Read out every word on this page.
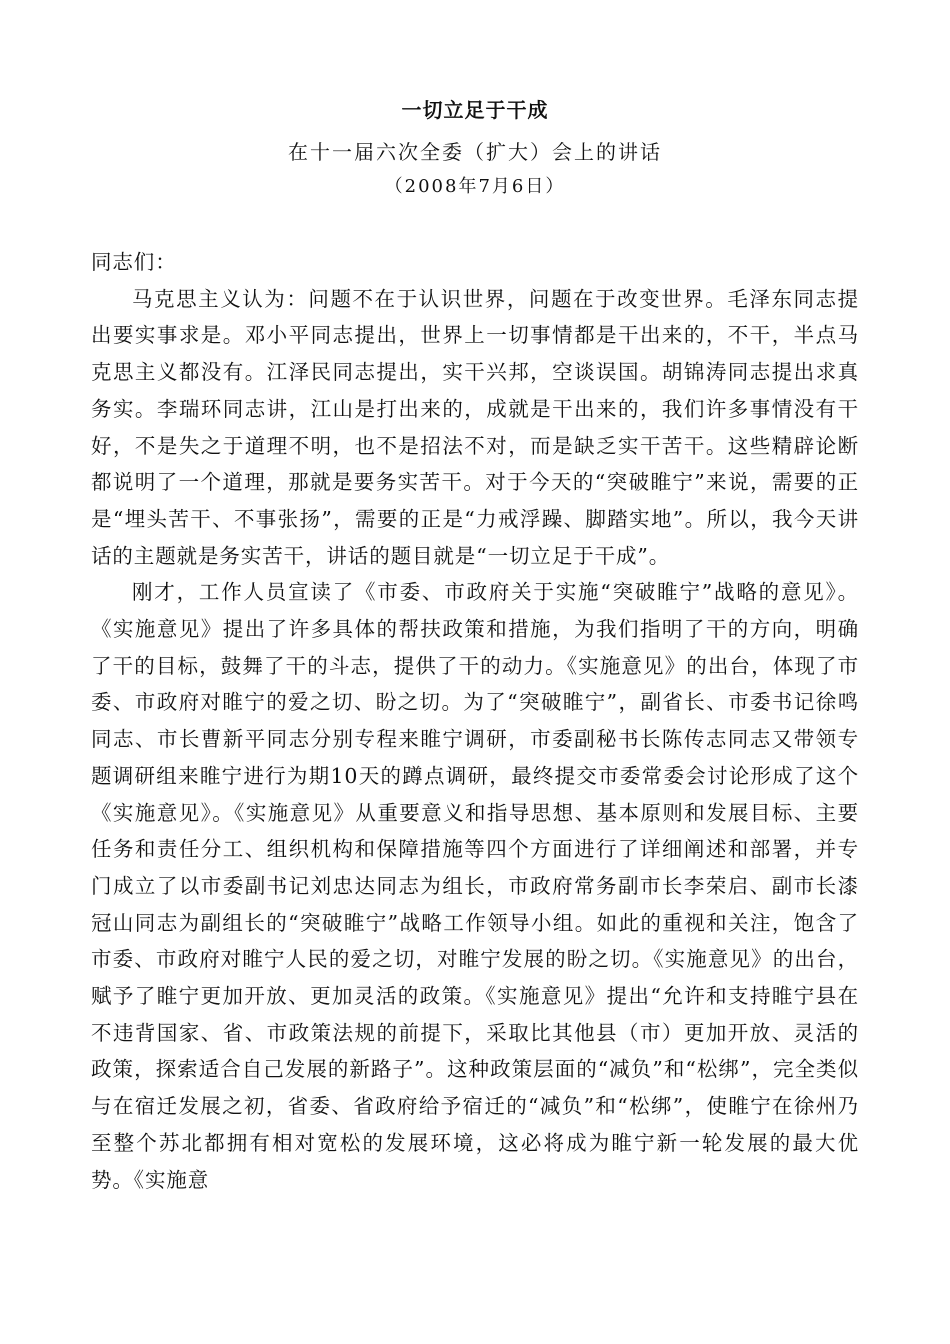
一切立足于干成
在十一届六次全委（扩大）会上的讲话
（2008年7月6日）

同志们：

马克思主义认为：问题不在于认识世界，问题在于改变世界。毛泽东同志提出要实事求是。邓小平同志提出，世界上一切事情都是干出来的，不干，半点马克思主义都没有。江泽民同志提出，实干兴邦，空谈误国。胡锦涛同志提出求真务实。李瑞环同志讲，江山是打出来的，成就是干出来的，我们许多事情没有干好，不是失之于道理不明，也不是招法不对，而是缺乏实干苦干。这些精辟论断都说明了一个道理，那就是要务实苦干。对于今天的“突破睢宁”来说，需要的正是“埋头苦干、不事张扬”，需要的正是“力戒浮躁、脚踏实地”。所以，我今天讲话的主题就是务实苦干，讲话的题目就是“一切立足于干成”。

刚才，工作人员宣读了《市委、市政府关于实施“突破睢宁”战略的意见》。《实施意见》提出了许多具体的帮扶政策和措施，为我们指明了干的方向，明确了干的目标，鼓舞了干的斗志，提供了干的动力。《实施意见》的出台，体现了市委、市政府对睢宁的爱之切、盼之切。为了“突破睢宁”，副省长、市委书记徐鸣同志、市长曹新平同志分别专程来睢宁调研，市委副秘书长陈传志同志又带领专题调研组来睢宁进行为期10天的蹲点调研，最终提交市委常委会讨论形成了这个《实施意见》。《实施意见》从重要意义和指导思想、基本原则和发展目标、主要任务和责任分工、组织机构和保障措施等四个方面进行了详细阐述和部署，并专门成立了以市委副书记刘忠达同志为组长，市政府常务副市长李荣启、副市长漆冠山同志为副组长的“突破睢宁”战略工作领导小组。如此的重视和关注，饱含了市委、市政府对睢宁人民的爱之切，对睢宁发展的盼之切。《实施意见》的出台，赋予了睢宁更加开放、更加灵活的政策。《实施意见》提出“允许和支持睢宁县在不违背国家、省、市政策法规的前提下，采取比其他县（市）更加开放、灵活的政策，探索适合自己发展的新路子”。这种政策层面的“减负”和“松绑”，完全类似与在宿迁发展之初，省委、省政府给予宿迁的“减负”和“松绑”，使睢宁在徐州乃至整个苏北都拥有相对宽松的发展环境，这必将成为睢宁新一轮发展的最大优势。《实施意
